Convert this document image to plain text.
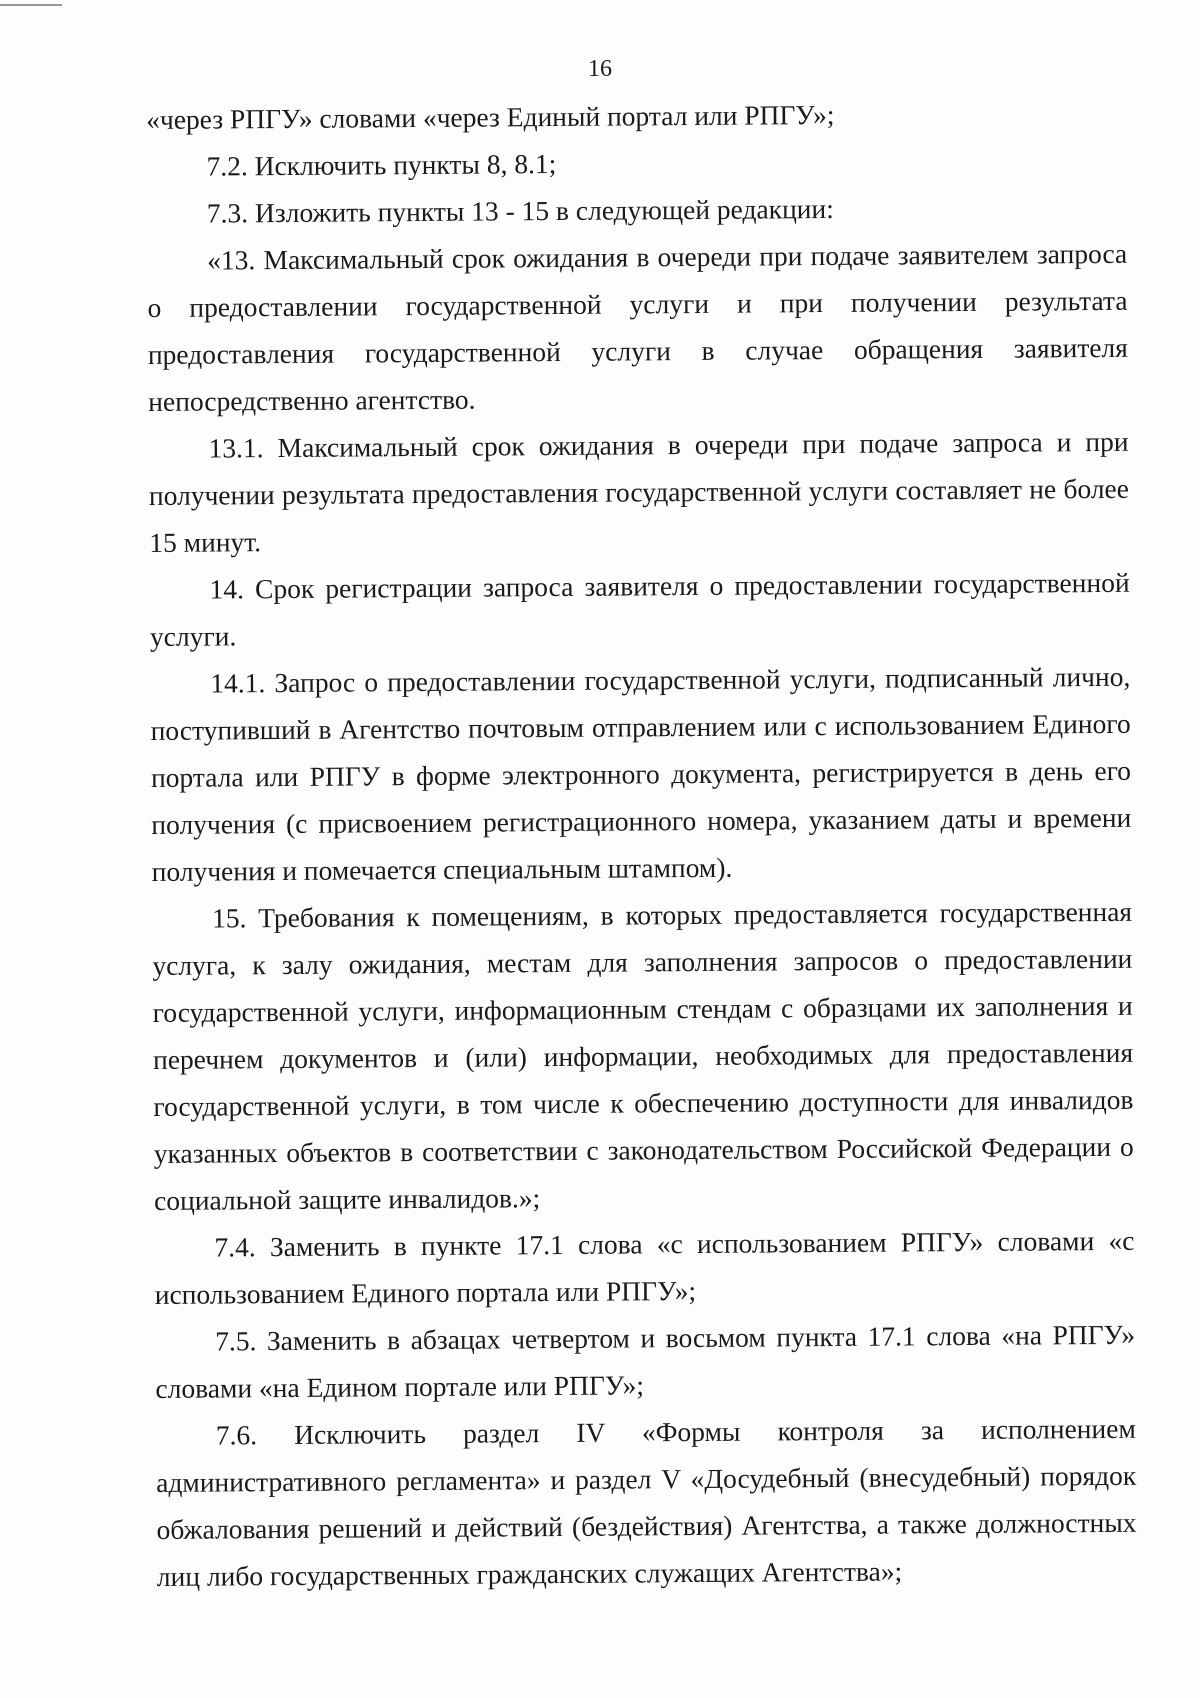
16

«через РПГУ» словами «через Единый портал или РПГУ»;

7.2. Исключить пункты 8, 8.1;

7.3. Изложить пункты 13 - 15 в следующей редакции:

«13. Максимальный срок ожидания в очереди при подаче заявителем запроса о предоставлении государственной услуги и при получении результата предоставления государственной услуги в случае обращения заявителя непосредственно агентство.

13.1. Максимальный срок ожидания в очереди при подаче запроса и при получении результата предоставления государственной услуги составляет не более 15 минут.

14. Срок регистрации запроса заявителя о предоставлении государственной услуги.

14.1. Запрос о предоставлении государственной услуги, подписанный лично, поступивший в Агентство почтовым отправлением или с использованием Единого портала или РПГУ в форме электронного документа, регистрируется в день его получения (с присвоением регистрационного номера, указанием даты и времени получения и помечается специальным штампом).

15. Требования к помещениям, в которых предоставляется государственная услуга, к залу ожидания, местам для заполнения запросов о предоставлении государственной услуги, информационным стендам с образцами их заполнения и перечнем документов и (или) информации, необходимых для предоставления государственной услуги, в том числе к обеспечению доступности для инвалидов указанных объектов в соответствии с законодательством Российской Федерации о социальной защите инвалидов.»;

7.4. Заменить в пункте 17.1 слова «с использованием РПГУ» словами «с использованием Единого портала или РПГУ»;

7.5. Заменить в абзацах четвертом и восьмом пункта 17.1 слова «на РПГУ» словами «на Едином портале или РПГУ»;

7.6. Исключить раздел IV «Формы контроля за исполнением административного регламента» и раздел V «Досудебный (внесудебный) порядок обжалования решений и действий (бездействия) Агентства, а также должностных лиц либо государственных гражданских служащих Агентства»;
